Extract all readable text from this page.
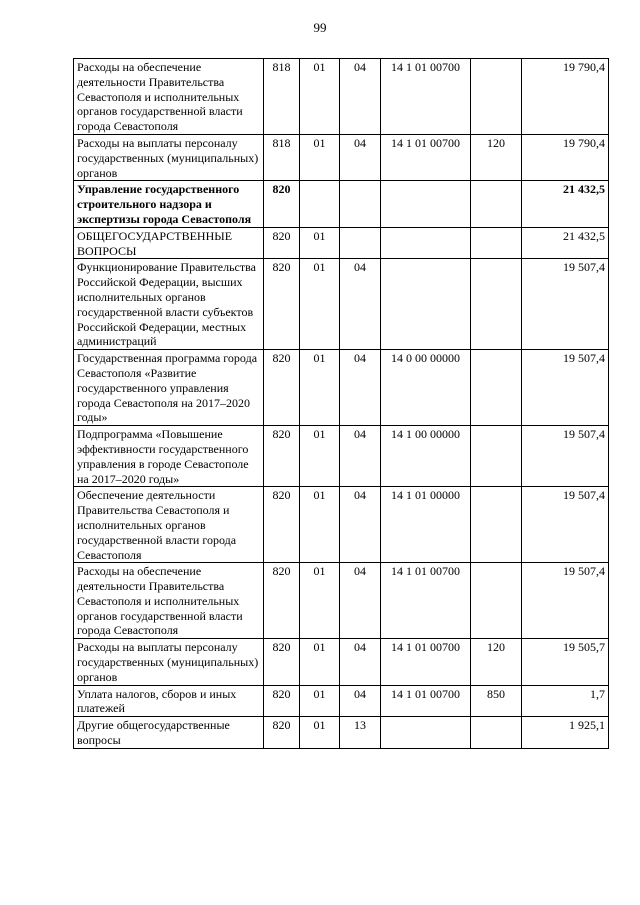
99
Расходы на обеспечение деятельности Правительства Севастополя и исполнительных органов государственной власти города Севастополя	818	01	04	14 1 01 00700		19 790,4
Расходы на выплаты персоналу государственных (муниципальных) органов	818	01	04	14 1 01 00700	120	19 790,4
Управление государственного строительного надзора и экспертизы города Севастополя	820					21 432,5
ОБЩЕГОСУДАРСТВЕННЫЕ ВОПРОСЫ	820	01				21 432,5
Функционирование Правительства Российской Федерации, высших исполнительных органов государственной власти субъектов Российской Федерации, местных администраций	820	01	04			19 507,4
Государственная программа города Севастополя «Развитие государственного управления города Севастополя на 2017–2020 годы»	820	01	04	14 0 00 00000		19 507,4
Подпрограмма «Повышение эффективности государственного управления в городе Севастополе на 2017–2020 годы»	820	01	04	14 1 00 00000		19 507,4
Обеспечение деятельности Правительства Севастополя и исполнительных органов государственной власти города Севастополя	820	01	04	14 1 01 00000		19 507,4
Расходы на обеспечение деятельности Правительства Севастополя и исполнительных органов государственной власти города Севастополя	820	01	04	14 1 01 00700		19 507,4
Расходы на выплаты персоналу государственных (муниципальных) органов	820	01	04	14 1 01 00700	120	19 505,7
Уплата налогов, сборов и иных платежей	820	01	04	14 1 01 00700	850	1,7
Другие общегосударственные вопросы	820	01	13			1 925,1
